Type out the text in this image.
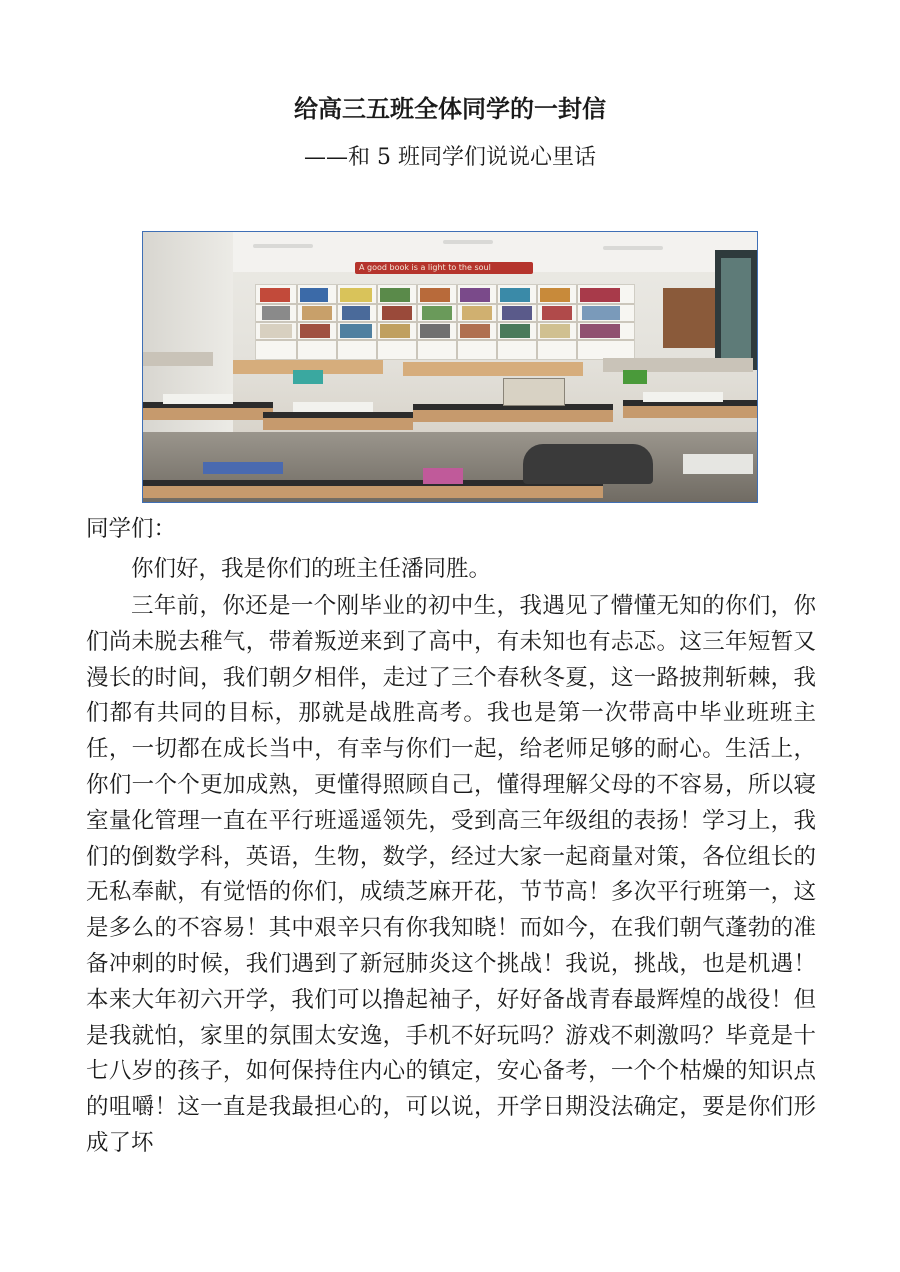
给高三五班全体同学的一封信
——和 5 班同学们说说心里话
A good book is a light to the soul

同学们：

你们好，我是你们的班主任潘同胜。

三年前，你还是一个刚毕业的初中生，我遇见了懵懂无知的你们，你们尚未脱去稚气，带着叛逆来到了高中，有未知也有忐忑。这三年短暂又漫长的时间，我们朝夕相伴，走过了三个春秋冬夏，这一路披荆斩棘，我们都有共同的目标，那就是战胜高考。我也是第一次带高中毕业班班主任，一切都在成长当中，有幸与你们一起，给老师足够的耐心。生活上，你们一个个更加成熟，更懂得照顾自己，懂得理解父母的不容易，所以寝室量化管理一直在平行班遥遥领先，受到高三年级组的表扬！学习上，我们的倒数学科，英语，生物，数学，经过大家一起商量对策，各位组长的无私奉献，有觉悟的你们，成绩芝麻开花，节节高！多次平行班第一，这是多么的不容易！其中艰辛只有你我知晓！而如今，在我们朝气蓬勃的准备冲刺的时候，我们遇到了新冠肺炎这个挑战！我说，挑战，也是机遇！本来大年初六开学，我们可以撸起袖子，好好备战青春最辉煌的战役！但是我就怕，家里的氛围太安逸，手机不好玩吗？游戏不刺激吗？毕竟是十七八岁的孩子，如何保持住内心的镇定，安心备考，一个个枯燥的知识点的咀嚼！这一直是我最担心的，可以说，开学日期没法确定，要是你们形成了坏
